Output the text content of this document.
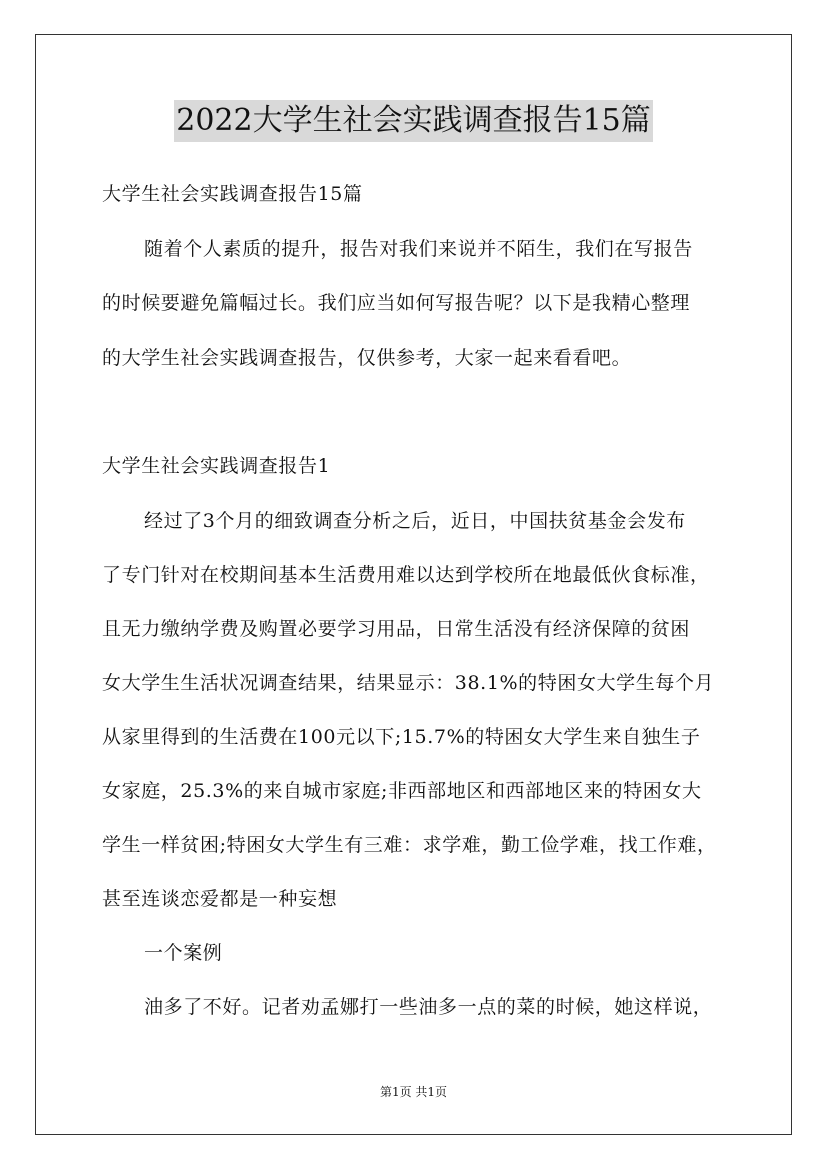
2022大学生社会实践调查报告15篇
大学生社会实践调查报告15篇
随着个人素质的提升，报告对我们来说并不陌生，我们在写报告
的时候要避免篇幅过长。我们应当如何写报告呢？以下是我精心整理
的大学生社会实践调查报告，仅供参考，大家一起来看看吧。
大学生社会实践调查报告1
经过了3个月的细致调查分析之后，近日，中国扶贫基金会发布
了专门针对在校期间基本生活费用难以达到学校所在地最低伙食标准，
且无力缴纳学费及购置必要学习用品，日常生活没有经济保障的贫困
女大学生生活状况调查结果，结果显示：38.1%的特困女大学生每个月
从家里得到的生活费在100元以下;15.7%的特困女大学生来自独生子
女家庭，25.3%的来自城市家庭;非西部地区和西部地区来的特困女大
学生一样贫困;特困女大学生有三难：求学难，勤工俭学难，找工作难，
甚至连谈恋爱都是一种妄想
一个案例
油多了不好。记者劝孟娜打一些油多一点的菜的时候，她这样说，
第1页 共1页
